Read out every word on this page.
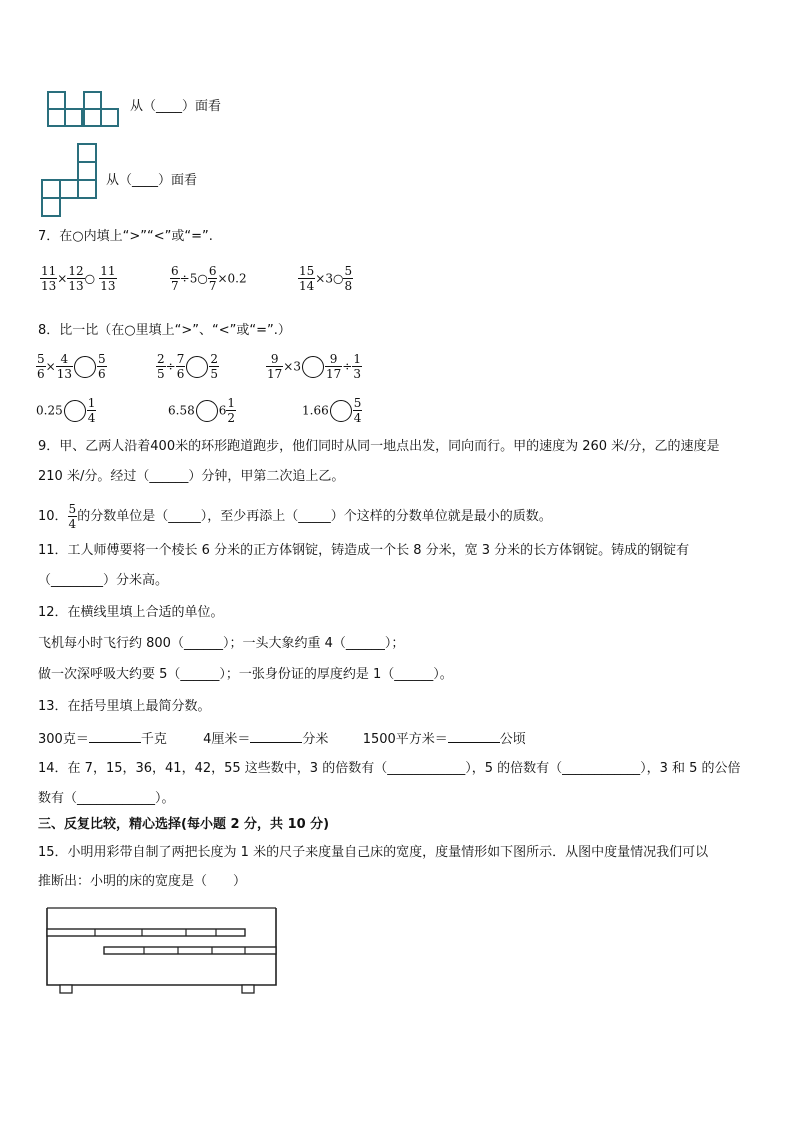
从（____）面看
从（____）面看
7．在○内填上“>”“<”或“=”.
$\frac{11}{13} \times \frac{12}{13}$ ○ $\frac{11}{13}$	$\frac{6}{7}$ ÷5○ $\frac{6}{7} \times 0.2$	$\frac{15}{14}$ ×3○ $\frac{5}{8}$
8．比一比（在○里填上“>”、“<”或“=”.）
$\frac{5}{6} \times \frac{4}{13} \frac{5}{6}$	$\frac{2}{5} \div \frac{7}{6} \frac{2}{5}$	$\frac{9}{17} \times 3 \frac{9}{17} \div \frac{1}{3}$
$0.25 \frac{1}{4}$	6.58 $6 \frac{1}{2}$	$1.66 \frac{5}{4}$
9．甲、乙两人沿着400米的环形跑道跑步，他们同时从同一地点出发，同向而行。甲的速度为 260 米/分，乙的速度是
210 米/分。经过（______）分钟，甲第二次追上乙。
10． $\frac{5}{4}$ 的分数单位是（_____），至少再添上（_____）个这样的分数单位就是最小的质数。
11．工人师傅要将一个棱长 6 分米的正方体钢锭，铸造成一个长 8 分米，宽 3 分米的长方体钢锭。铸成的钢锭有
（________）分米高。
12．在横线里填上合适的单位。
飞机每小时飞行约 800（______）；一头大象约重 4（______）；
做一次深呼吸大约要 5（______）；一张身份证的厚度约是 1（______）。
13．在括号里填上最简分数。
300克＝	千克	4厘米＝	分米	1500平方米＝	公顷
14．在 7，15，36，41，42，55 这些数中，3 的倍数有（____________），5 的倍数有（____________），3 和 5 的公倍
数有（____________）。
三、反复比较，精心选择(每小题 2 分，共 10 分)
15．小明用彩带自制了两把长度为 1 米的尺子来度量自己床的宽度，度量情形如下图所示．从图中度量情况我们可以
推断出：小明的床的宽度是（　　）
